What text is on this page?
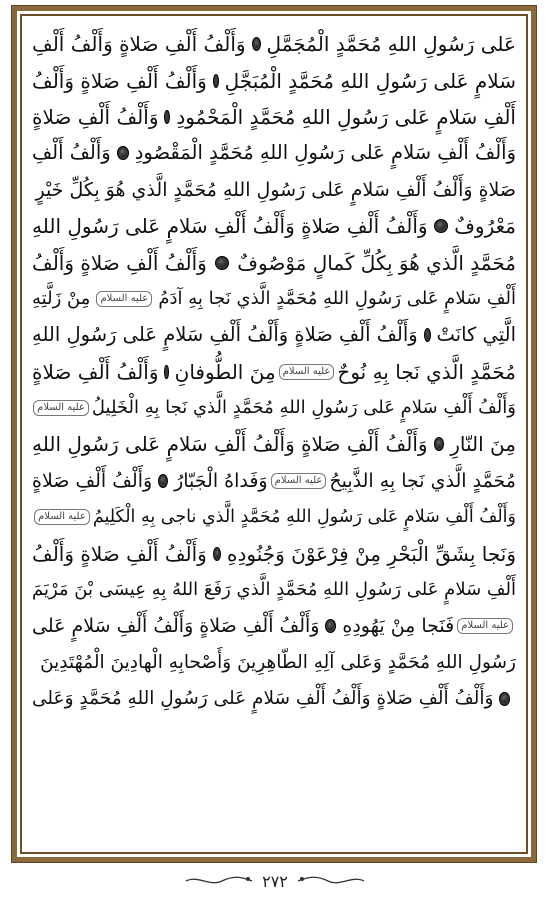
عَلى رَسُولِ اللهِ مُحَمَّدٍ الْمُجَمَّلِ
وَأَلْفُ أَلْفِ صَلاةٍ وَأَلْفُ أَلْفِ
سَلامٍ عَلى رَسُولِ اللهِ مُحَمَّدٍ الْمُبَجَّلِ
وَأَلْفُ أَلْفِ صَلاةٍ وَأَلْفُ
أَلْفِ سَلامٍ عَلى رَسُولِ اللهِ مُحَمَّدٍ الْمَحْمُودِ
وَأَلْفُ أَلْفِ صَلاةٍ
وَأَلْفُ أَلْفِ سَلامٍ عَلى رَسُولِ اللهِ مُحَمَّدٍ الْمَقْصُودِ
وَأَلْفُ أَلْفِ
صَلاةٍ وَأَلْفُ أَلْفِ سَلامٍ عَلى رَسُولِ اللهِ مُحَمَّدٍ الَّذي هُوَ بِكُلِّ خَيْرٍ
مَعْرُوفٌ
وَأَلْفُ أَلْفِ صَلاةٍ وَأَلْفُ أَلْفِ سَلامٍ عَلى رَسُولِ اللهِ
مُحَمَّدٍ الَّذي هُوَ بِكُلِّ كَمالٍ مَوْصُوفٌ
وَأَلْفُ أَلْفِ صَلاةٍ وَأَلْفُ
أَلْفِ سَلامٍ عَلى رَسُولِ اللهِ مُحَمَّدٍ الَّذي نَجا بِهِ آدَمُ
عليه السلام
مِنْ زَلَّتِهِ
الَّتِي كانَتْ
وَأَلْفُ أَلْفِ صَلاةٍ وَأَلْفُ أَلْفِ سَلامٍ عَلى رَسُولِ اللهِ
مُحَمَّدٍ الَّذي نَجا بِهِ نُوحٌ
عليه السلام
مِنَ الطُّوفانِ
وَأَلْفُ أَلْفِ صَلاةٍ
وَأَلْفُ أَلْفِ سَلامٍ عَلى رَسُولِ اللهِ مُحَمَّدٍ الَّذي نَجا بِهِ الْخَلِيلُ
عليه السلام
مِنَ النّارِ
وَأَلْفُ أَلْفِ صَلاةٍ وَأَلْفُ أَلْفِ سَلامٍ عَلى رَسُولِ اللهِ
مُحَمَّدٍ الَّذي نَجا بِهِ الذَّبِيحُ
عليه السلام
وَفَداهُ الْجَبّارُ
وَأَلْفُ أَلْفِ صَلاةٍ
وَأَلْفُ أَلْفِ سَلامٍ عَلى رَسُولِ اللهِ مُحَمَّدٍ الَّذي ناجى بِهِ الْكَلِيمُ
عليه السلام
وَنَجا بِشَقِّ الْبَحْرِ مِنْ فِرْعَوْنَ وَجُنُودِهِ
وَأَلْفُ أَلْفِ صَلاةٍ وَأَلْفُ
أَلْفِ سَلامٍ عَلى رَسُولِ اللهِ مُحَمَّدٍ الَّذي رَفَعَ اللهُ بِهِ عِيسَى بْنَ مَرْيَمَ
عليه السلام
فَنَجا مِنْ يَهُودِهِ
وَأَلْفُ أَلْفِ صَلاةٍ وَأَلْفُ أَلْفِ سَلامٍ عَلى
رَسُولِ اللهِ مُحَمَّدٍ وَعَلى آلِهِ الطّاهِرِينَ وَأَصْحابِهِ الْهادِينَ الْمُهْتَدِينَ
وَأَلْفُ أَلْفِ صَلاةٍ وَأَلْفُ أَلْفِ سَلامٍ عَلى رَسُولِ اللهِ مُحَمَّدٍ وَعَلى
٢٧٢
